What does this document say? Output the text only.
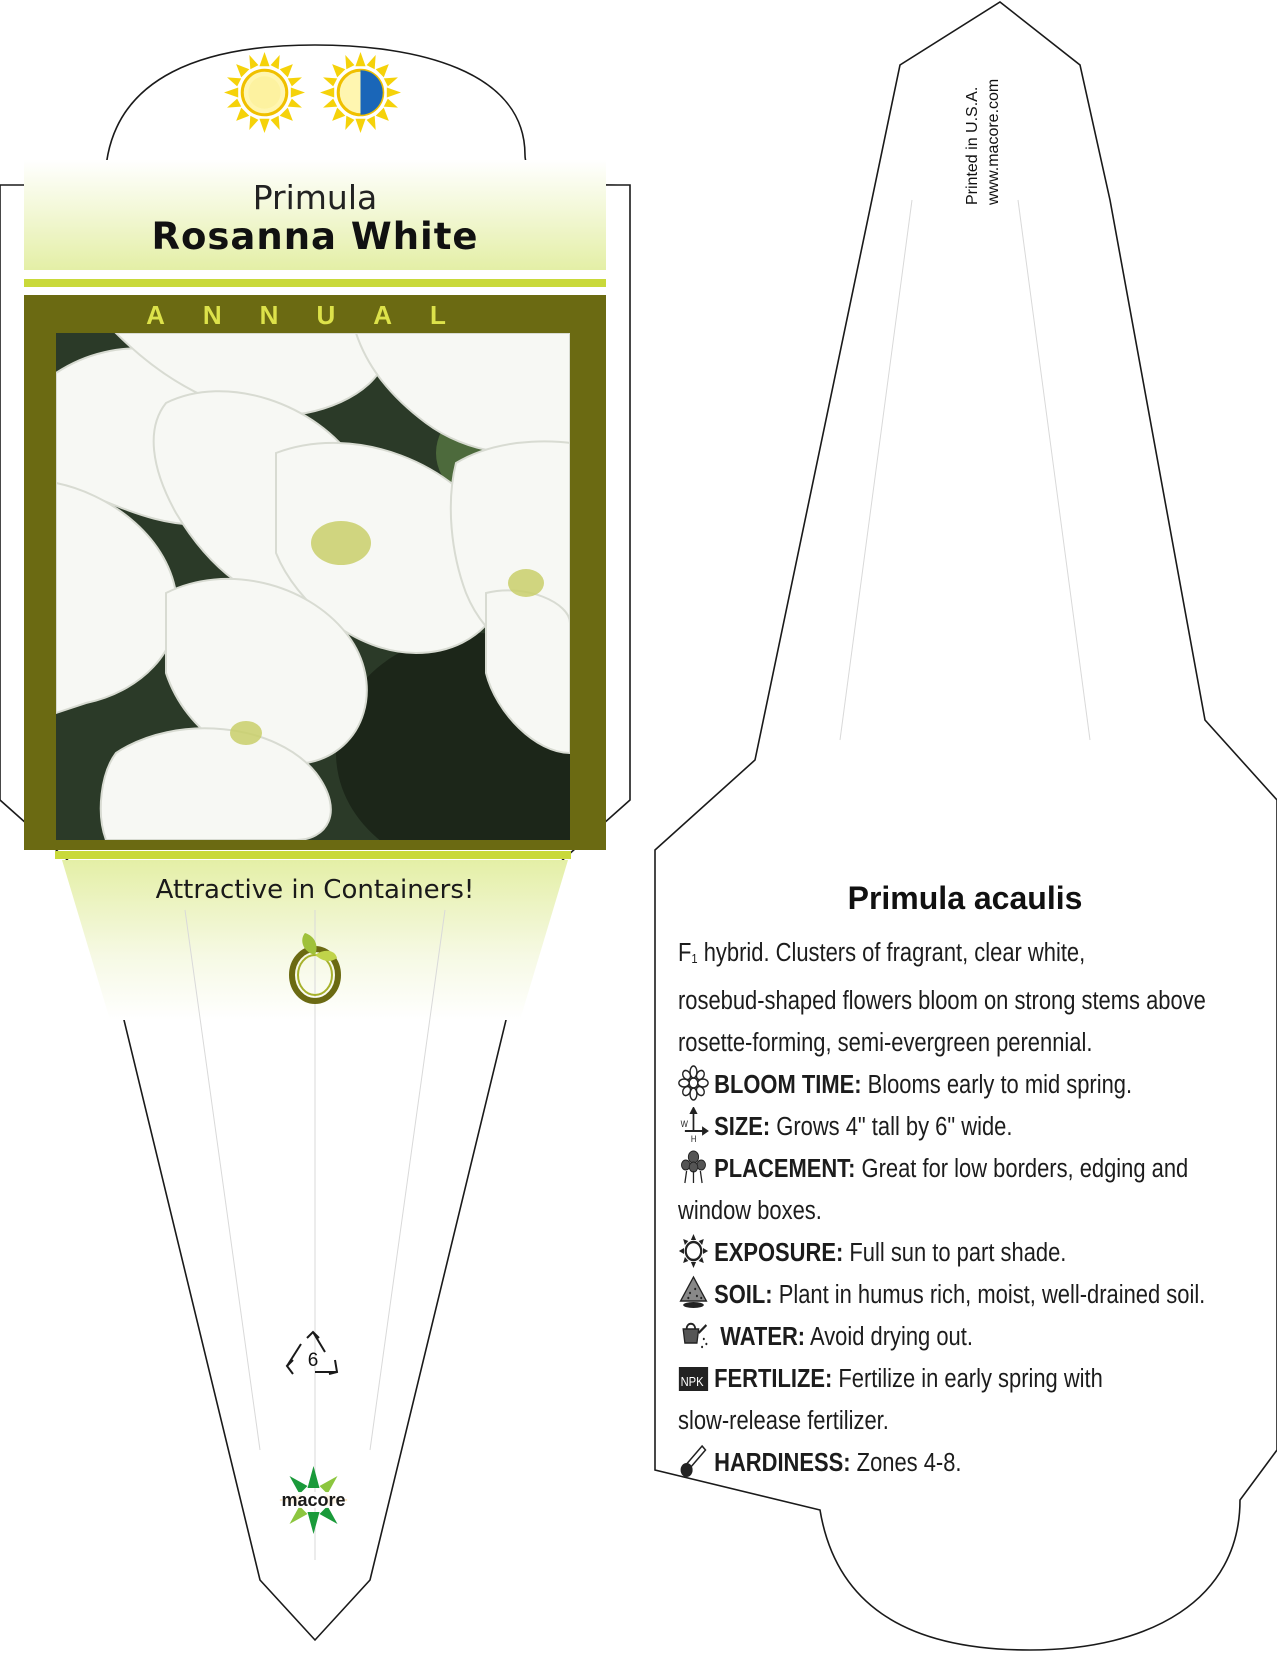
Primula
Rosanna White
ANNUAL
Attractive in Containers!
6
macore
Printed in U.S.A. www.macore.com
Primula acaulis
F1 hybrid. Clusters of fragrant, clear white,
rosebud-shaped flowers bloom on strong stems above
rosette-forming, semi-evergreen perennial.
BLOOM TIME: Blooms early to mid spring.
W
H SIZE: Grows 4" tall by 6" wide.
PLACEMENT: Great for low borders, edging and
window boxes.
EXPOSURE: Full sun to part shade.
SOIL: Plant in humus rich, moist, well-drained soil.
WATER: Avoid drying out.
NPK FERTILIZE: Fertilize in early spring with
slow-release fertilizer.
HARDINESS: Zones 4-8.
